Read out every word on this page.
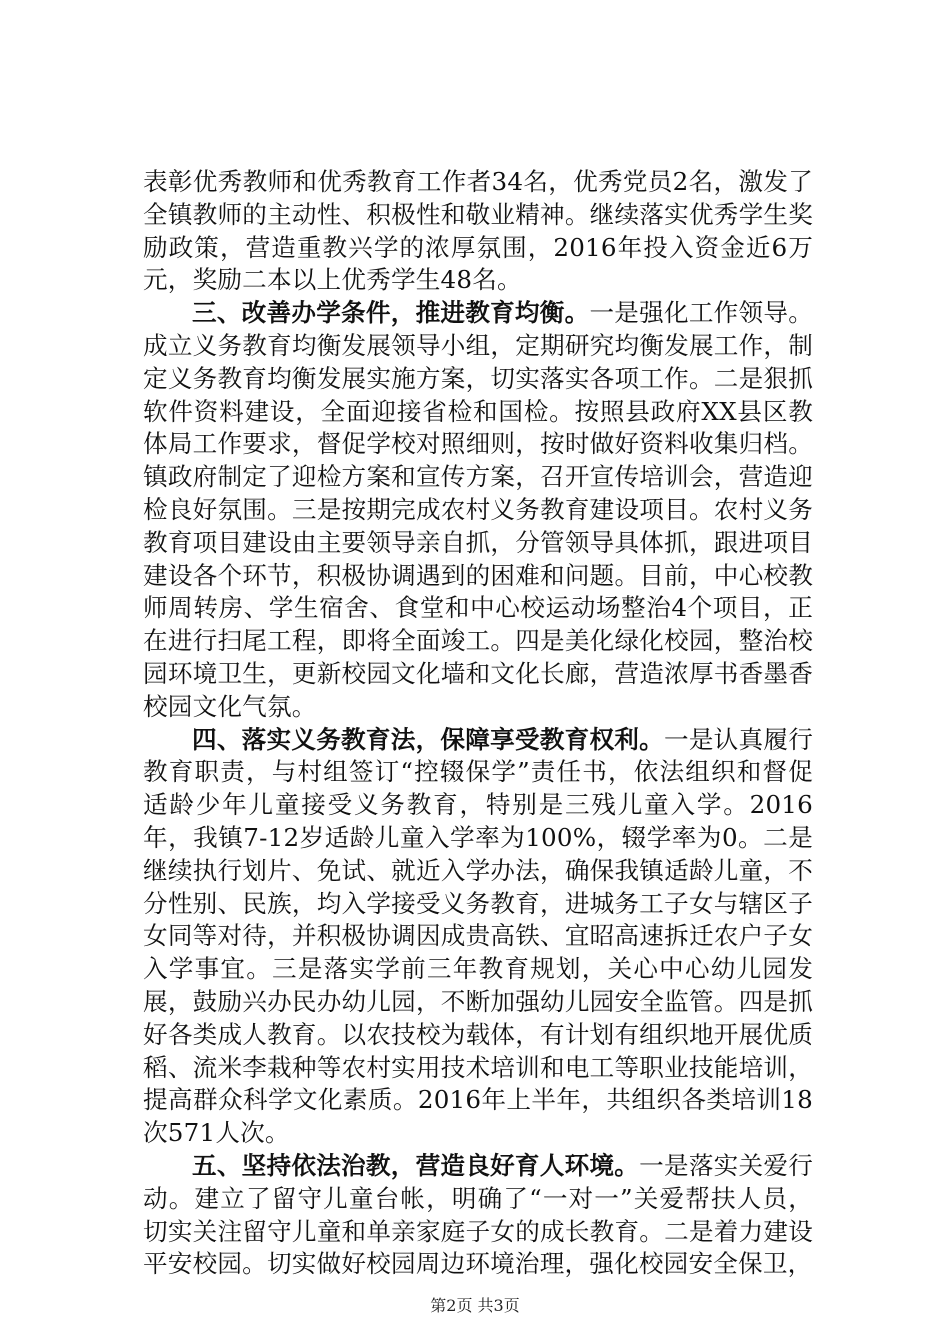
表彰优秀教师和优秀教育工作者34名，优秀党员2名，激发了全镇教师的主动性、积极性和敬业精神。继续落实优秀学生奖励政策，营造重教兴学的浓厚氛围，2016年投入资金近6万元，奖励二本以上优秀学生48名。

三、改善办学条件，推进教育均衡。一是强化工作领导。成立义务教育均衡发展领导小组，定期研究均衡发展工作，制定义务教育均衡发展实施方案，切实落实各项工作。二是狠抓软件资料建设，全面迎接省检和国检。按照县政府XX县区教体局工作要求，督促学校对照细则，按时做好资料收集归档。镇政府制定了迎检方案和宣传方案，召开宣传培训会，营造迎检良好氛围。三是按期完成农村义务教育建设项目。农村义务教育项目建设由主要领导亲自抓，分管领导具体抓，跟进项目建设各个环节，积极协调遇到的困难和问题。目前，中心校教师周转房、学生宿舍、食堂和中心校运动场整治4个项目，正在进行扫尾工程，即将全面竣工。四是美化绿化校园，整治校园环境卫生，更新校园文化墙和文化长廊，营造浓厚书香墨香校园文化气氛。

四、落实义务教育法，保障享受教育权利。一是认真履行教育职责，与村组签订“控辍保学”责任书，依法组织和督促适龄少年儿童接受义务教育，特别是三残儿童入学。2016年，我镇7-12岁适龄儿童入学率为100%，辍学率为0。二是继续执行划片、免试、就近入学办法，确保我镇适龄儿童，不分性别、民族，均入学接受义务教育，进城务工子女与辖区子女同等对待，并积极协调因成贵高铁、宜昭高速拆迁农户子女入学事宜。三是落实学前三年教育规划，关心中心幼儿园发展，鼓励兴办民办幼儿园，不断加强幼儿园安全监管。四是抓好各类成人教育。以农技校为载体，有计划有组织地开展优质稻、流米李栽种等农村实用技术培训和电工等职业技能培训，提高群众科学文化素质。2016年上半年，共组织各类培训18次571人次。

五、坚持依法治教，营造良好育人环境。一是落实关爱行动。建立了留守儿童台帐，明确了“一对一”关爱帮扶人员，切实关注留守儿童和单亲家庭子女的成长教育。二是着力建设平安校园。切实做好校园周边环境治理，强化校园安全保卫，

第2页 共3页
